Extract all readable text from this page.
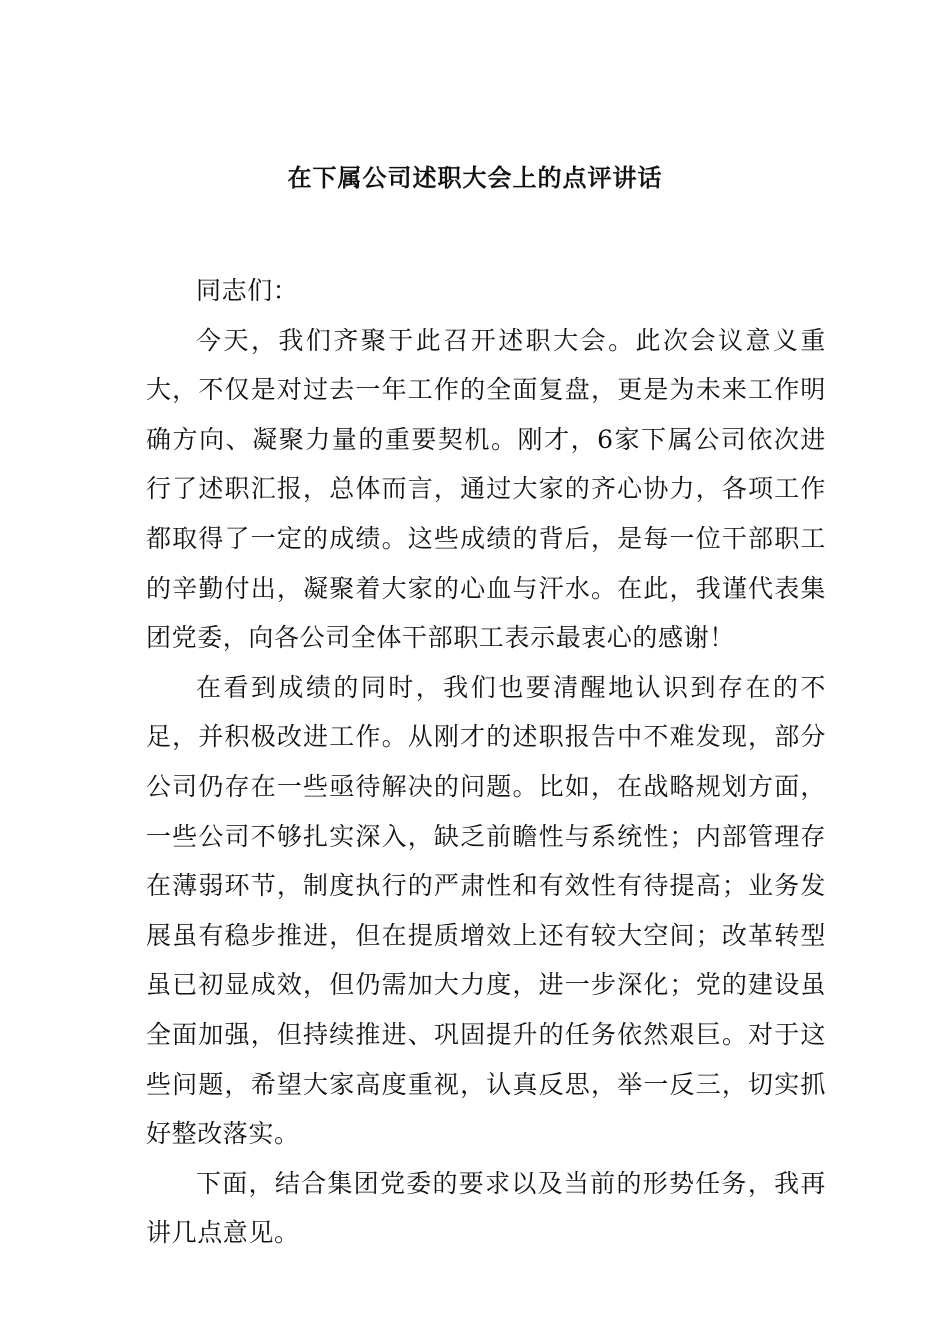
在下属公司述职大会上的点评讲话

同志们：

今天，我们齐聚于此召开述职大会。此次会议意义重大，不仅是对过去一年工作的全面复盘，更是为未来工作明确方向、凝聚力量的重要契机。刚才，6家下属公司依次进行了述职汇报，总体而言，通过大家的齐心协力，各项工作都取得了一定的成绩。这些成绩的背后，是每一位干部职工的辛勤付出，凝聚着大家的心血与汗水。在此，我谨代表集团党委，向各公司全体干部职工表示最衷心的感谢！

在看到成绩的同时，我们也要清醒地认识到存在的不足，并积极改进工作。从刚才的述职报告中不难发现，部分公司仍存在一些亟待解决的问题。比如，在战略规划方面，一些公司不够扎实深入，缺乏前瞻性与系统性；内部管理存在薄弱环节，制度执行的严肃性和有效性有待提高；业务发展虽有稳步推进，但在提质增效上还有较大空间；改革转型虽已初显成效，但仍需加大力度，进一步深化；党的建设虽全面加强，但持续推进、巩固提升的任务依然艰巨。对于这些问题，希望大家高度重视，认真反思，举一反三，切实抓好整改落实。

下面，结合集团党委的要求以及当前的形势任务，我再讲几点意见。
